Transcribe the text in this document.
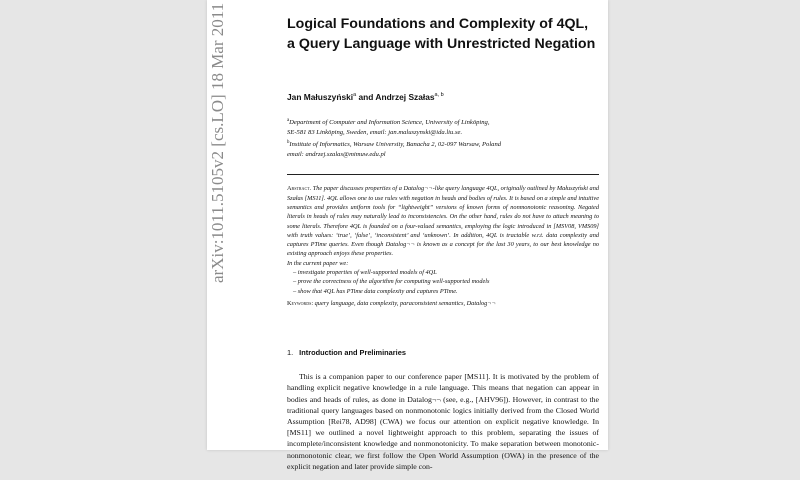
arXiv:1011.5105v2 [cs.LO] 18 Mar 2011	Logical Foundations and Complexity of 4QL,
a Query Language with Unrestricted Negation
Jan Małuszyński$^a$ and Andrzej Szałas$^{a, b}$
$^a$Department of Computer and Information Science, University of Linköping,
SE-581 83 Linköping, Sweden, email: jan.maluszynski@ida.liu.se.
$^b$Institute of Informatics, Warsaw University, Banacha 2, 02-097 Warsaw, Poland
email: andrzej.szalas@mimuw.edu.pl
Abstract. The paper discusses properties of a Datalog¬¬-like query language 4QL, originally outlined by Małuszyński and Szałas [MS11]. 4QL allows one to use rules with negation in heads and bodies of rules. It is based on a simple and intuitive semantics and provides uniform tools for “lightweight” versions of known forms of nonmonotonic reasoning. Negated literals in heads of rules may naturally lead to inconsistencies. On the other hand, rules do not have to attach meaning to some literals. Therefore 4QL is founded on a four-valued semantics, employing the logic introduced in [MSV08, VMS09] with truth values: ‘true’, ‘false’, ‘inconsistent’ and ‘unknown’. In addition, 4QL is tractable w.r.t. data complexity and captures PTime queries. Even though Datalog¬¬ is known as a concept for the last 30 years, to our best knowledge no existing approach enjoys these properties.
In the current paper we:
– investigate properties of well-supported models of 4QL
– prove the correctness of the algorithm for computing well-supported models
– show that 4QL has PTime data complexity and captures PTime.
Keywords: query language, data complexity, paraconsistent semantics, Datalog¬¬
1. Introduction and Preliminaries

This is a companion paper to our conference paper [MS11]. It is motivated by the problem of handling explicit negative knowledge in a rule language. This means that negation can appear in bodies and heads of rules, as done in Datalog¬¬ (see, e.g., [AHV96]). However, in contrast to the traditional query languages based on nonmonotonic logics initially derived from the Closed World Assumption [Rei78, AD98] (CWA) we focus our attention on explicit negative knowledge. In [MS11] we outlined a novel lightweight approach to this problem, separating the issues of incomplete/inconsistent knowledge and nonmonotonicity. To make separation between monotonic-nonmonotonic clear, we first follow the Open World Assumption (OWA) in the presence of the explicit negation and later provide simple con-
